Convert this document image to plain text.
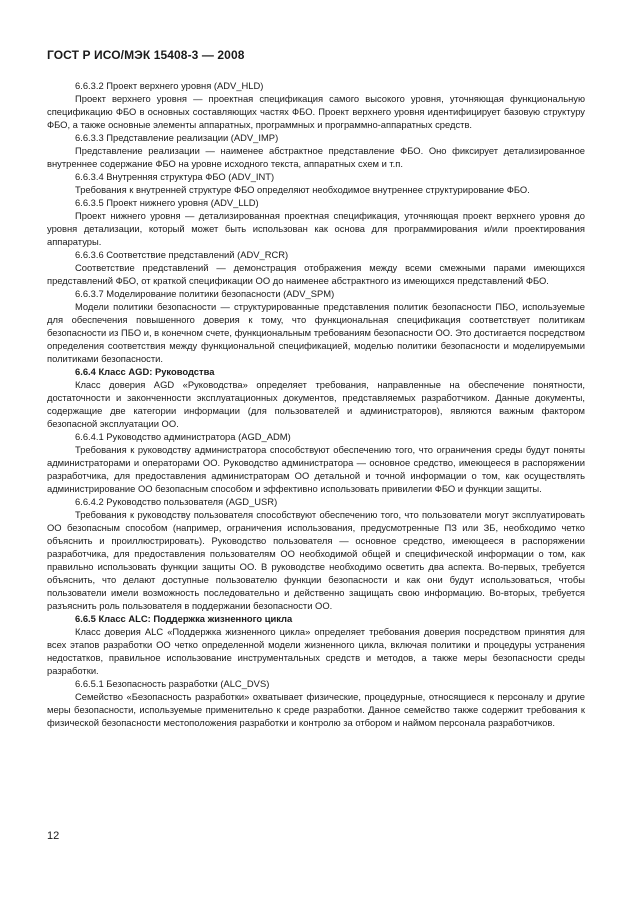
ГОСТ Р ИСО/МЭК 15408-3 — 2008
6.6.3.2 Проект верхнего уровня (ADV_HLD)
Проект верхнего уровня — проектная спецификация самого высокого уровня, уточняющая функциональную спецификацию ФБО в основных составляющих частях ФБО. Проект верхнего уровня идентифицирует базовую структуру ФБО, а также основные элементы аппаратных, программных и программно-аппаратных средств.
6.6.3.3 Представление реализации (ADV_IMP)
Представление реализации — наименее абстрактное представление ФБО. Оно фиксирует детализированное внутреннее содержание ФБО на уровне исходного текста, аппаратных схем и т.п.
6.6.3.4 Внутренняя структура ФБО (ADV_INT)
Требования к внутренней структуре ФБО определяют необходимое внутреннее структурирование ФБО.
6.6.3.5 Проект нижнего уровня (ADV_LLD)
Проект нижнего уровня — детализированная проектная спецификация, уточняющая проект верхнего уровня до уровня детализации, который может быть использован как основа для программирования и/или проектирования аппаратуры.
6.6.3.6 Соответствие представлений (ADV_RCR)
Соответствие представлений — демонстрация отображения между всеми смежными парами имеющихся представлений ФБО, от краткой спецификации ОО до наименее абстрактного из имеющихся представлений ФБО.
6.6.3.7 Моделирование политики безопасности (ADV_SPM)
Модели политики безопасности — структурированные представления политик безопасности ПБО, используемые для обеспечения повышенного доверия к тому, что функциональная спецификация соответствует политикам безопасности из ПБО и, в конечном счете, функциональным требованиям безопасности ОО. Это достигается посредством определения соответствия между функциональной спецификацией, моделью политики безопасности и моделируемыми политиками безопасности.
6.6.4 Класс AGD: Руководства
Класс доверия AGD «Руководства» определяет требования, направленные на обеспечение понятности, достаточности и законченности эксплуатационных документов, представляемых разработчиком. Данные документы, содержащие две категории информации (для пользователей и администраторов), являются важным фактором безопасной эксплуатации ОО.
6.6.4.1 Руководство администратора (AGD_ADM)
Требования к руководству администратора способствуют обеспечению того, что ограничения среды будут поняты администраторами и операторами ОО. Руководство администратора — основное средство, имеющееся в распоряжении разработчика, для предоставления администраторам ОО детальной и точной информации о том, как осуществлять администрирование ОО безопасным способом и эффективно использовать привилегии ФБО и функции защиты.
6.6.4.2 Руководство пользователя (AGD_USR)
Требования к руководству пользователя способствуют обеспечению того, что пользователи могут эксплуатировать ОО безопасным способом (например, ограничения использования, предусмотренные ПЗ или ЗБ, необходимо четко объяснить и проиллюстрировать). Руководство пользователя — основное средство, имеющееся в распоряжении разработчика, для предоставления пользователям ОО необходимой общей и специфической информации о том, как правильно использовать функции защиты ОО. В руководстве необходимо осветить два аспекта. Во-первых, требуется объяснить, что делают доступные пользователю функции безопасности и как они будут использоваться, чтобы пользователи имели возможность последовательно и действенно защищать свою информацию. Во-вторых, требуется разъяснить роль пользователя в поддержании безопасности ОО.
6.6.5 Класс ALC: Поддержка жизненного цикла
Класс доверия ALC «Поддержка жизненного цикла» определяет требования доверия посредством принятия для всех этапов разработки ОО четко определенной модели жизненного цикла, включая политики и процедуры устранения недостатков, правильное использование инструментальных средств и методов, а также меры безопасности среды разработки.
6.6.5.1 Безопасность разработки (ALC_DVS)
Семейство «Безопасность разработки» охватывает физические, процедурные, относящиеся к персоналу и другие меры безопасности, используемые применительно к среде разработки. Данное семейство также содержит требования к физической безопасности местоположения разработки и контролю за отбором и наймом персонала разработчиков.
12
